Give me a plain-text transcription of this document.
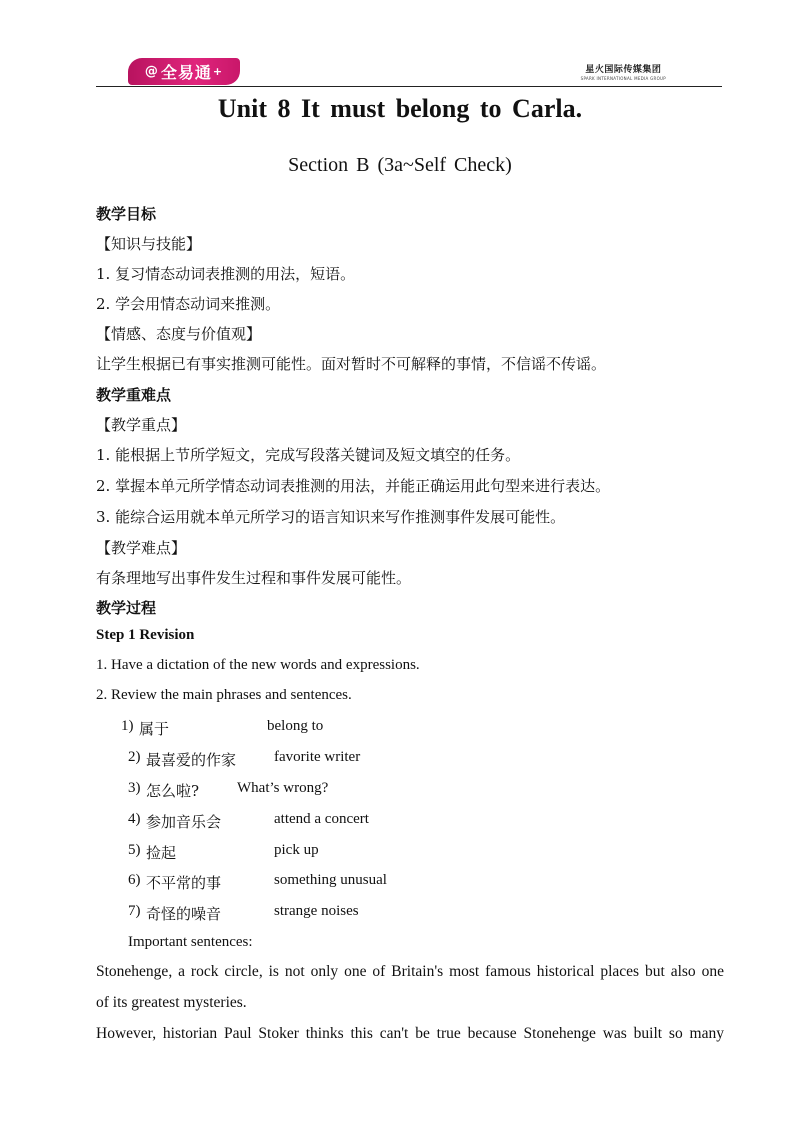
@ 全易通 +	星火国际传媒集团
SPARK INTERNATIONAL MEDIA GROUP
Unit 8 It must belong to Carla.
Section B (3a~Self Check)
教学目标
【知识与技能】
1. 复习情态动词表推测的用法，短语。
2. 学会用情态动词来推测。
【情感、态度与价值观】
让学生根据已有事实推测可能性。面对暂时不可解释的事情，不信谣不传谣。
教学重难点
【教学重点】
1. 能根据上节所学短文，完成写段落关键词及短文填空的任务。
2. 掌握本单元所学情态动词表推测的用法，并能正确运用此句型来进行表达。
3. 能综合运用就本单元所学习的语言知识来写作推测事件发展可能性。
【教学难点】
有条理地写出事件发生过程和事件发展可能性。
教学过程
Step 1 Revision
1. Have a dictation of the new words and expressions.
2. Review the main phrases and sentences.
1) 属于	belong to
2) 最喜爱的作家	favorite writer
3) 怎么啦?	What’s wrong?
4) 参加音乐会	attend a concert
5) 捡起	pick up
6) 不平常的事	something unusual
7) 奇怪的噪音	strange noises
Important sentences:
Stonehenge, a rock circle, is not only one of Britain's most famous historical places but also one
of its greatest mysteries.
However, historian Paul Stoker thinks this can't be true because Stonehenge was built so many
